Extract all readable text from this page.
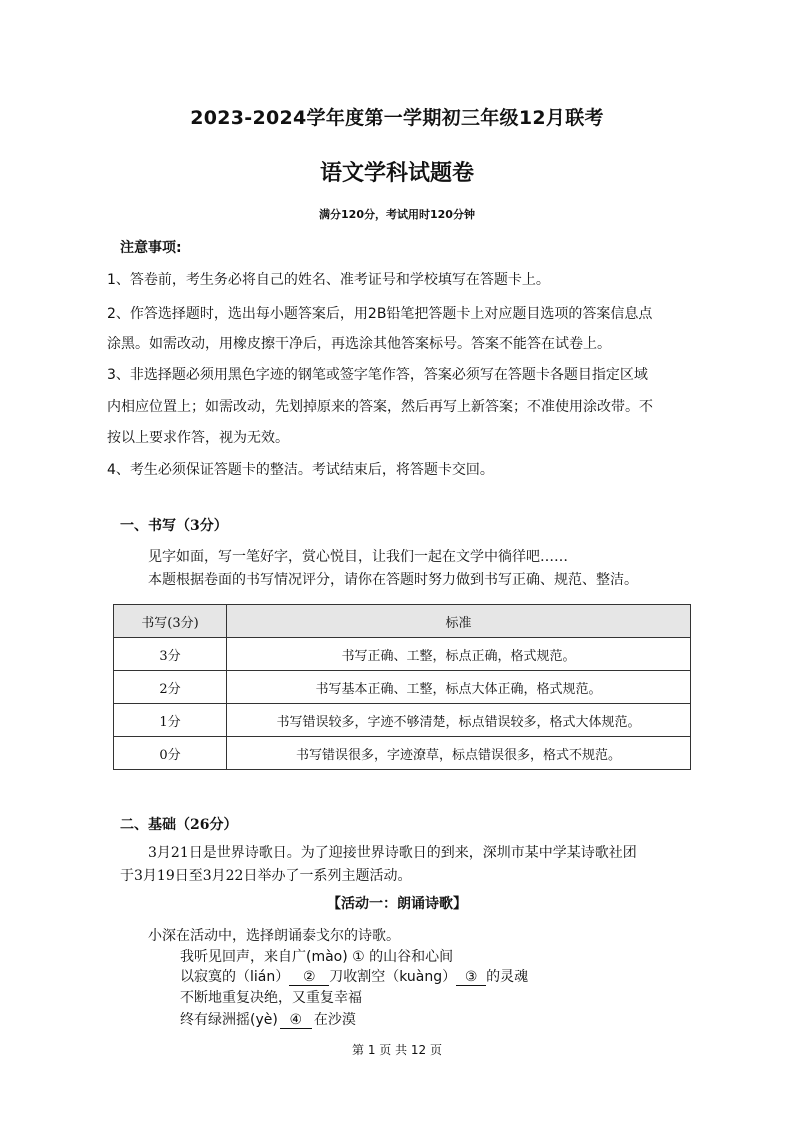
2023-2024学年度第一学期初三年级12月联考
语文学科试题卷
满分120分，考试用时120分钟
注意事项:
1、答卷前，考生务必将自己的姓名、准考证号和学校填写在答题卡上。
2、作答选择题时，选出每小题答案后，用2B铅笔把答题卡上对应题目选项的答案信息点
涂黑。如需改动，用橡皮擦干净后，再选涂其他答案标号。答案不能答在试卷上。
3、非选择题必须用黑色字迹的钢笔或签字笔作答，答案必须写在答题卡各题目指定区域
内相应位置上；如需改动，先划掉原来的答案，然后再写上新答案；不准使用涂改带。不
按以上要求作答，视为无效。
4、考生必须保证答题卡的整洁。考试结束后，将答题卡交回。
一、书写（3分）
见字如面，写一笔好字，赏心悦目，让我们一起在文学中徜徉吧……
本题根据卷面的书写情况评分，请你在答题时努力做到书写正确、规范、整洁。
书写(3分)	标准
3分	书写正确、工整，标点正确，格式规范。
2分	书写基本正确、工整，标点大体正确，格式规范。
1分	书写错误较多，字迹不够清楚，标点错误较多，格式大体规范。
0分	书写错误很多，字迹潦草，标点错误很多，格式不规范。
二、基础（26分）
3月21日是世界诗歌日。为了迎接世界诗歌日的到来，深圳市某中学某诗歌社团
于3月19日至3月22日举办了一系列主题活动。
【活动一：朗诵诗歌】
小深在活动中，选择朗诵泰戈尔的诗歌。
我听见回声，来自广(mào) ① 的山谷和心间
以寂寞的（lián） ② 刀收割空（kuàng） ③ 的灵魂
不断地重复决绝，又重复幸福
终有绿洲摇(yè) ④ 在沙漠
第 1 页 共 12 页
